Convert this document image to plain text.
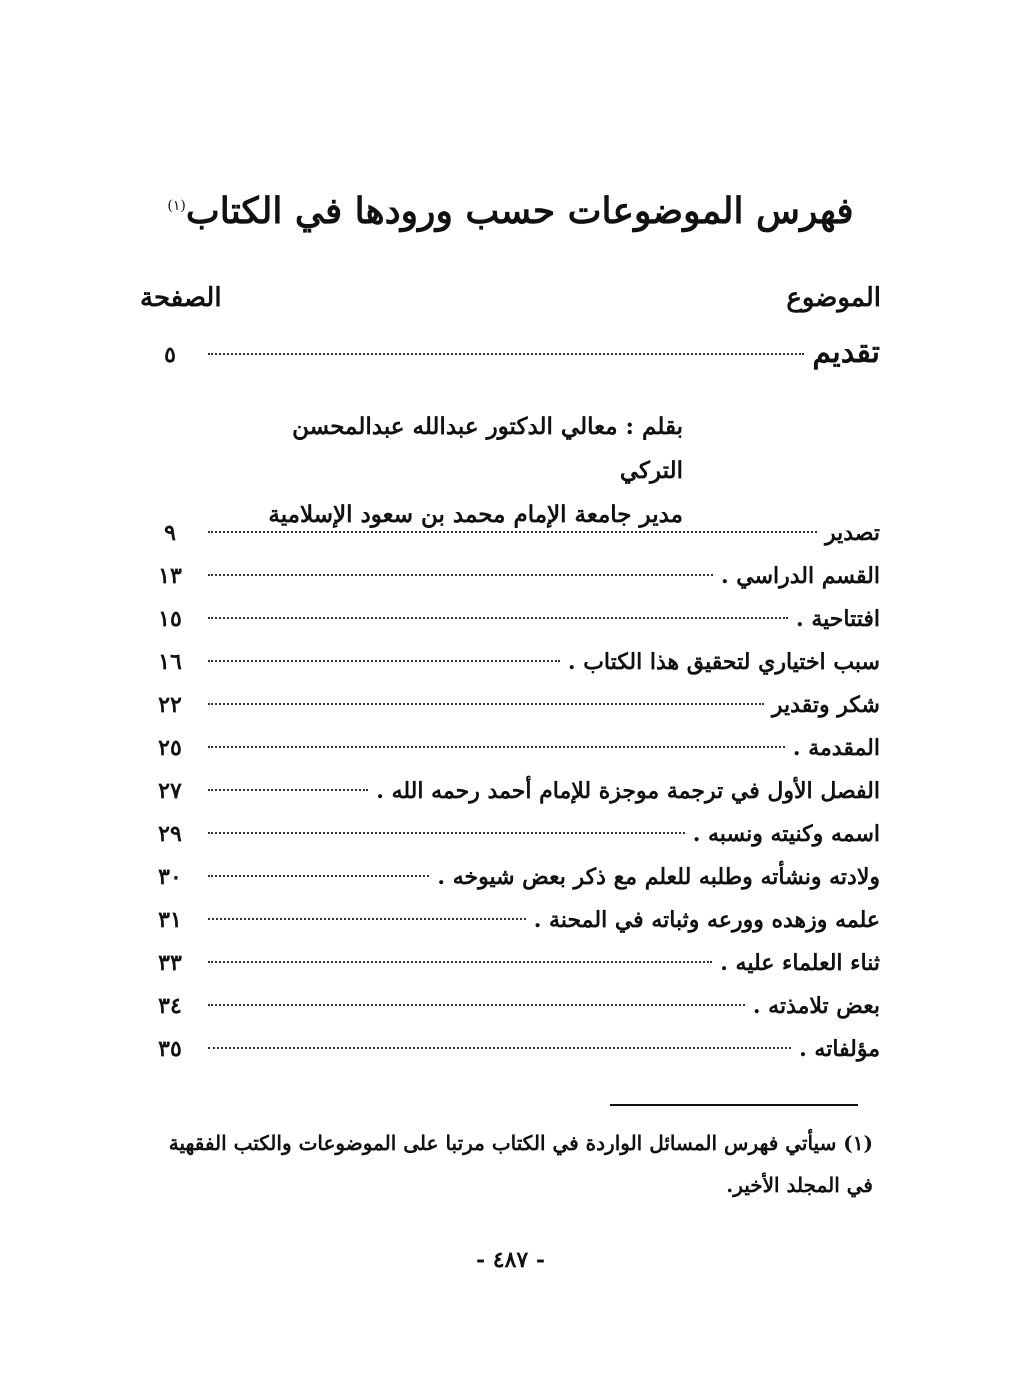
فهرس الموضوعات حسب ورودها في الكتاب$^{(١)}$
الموضوع
الصفحة
تقديم
٥
بقلم : معالي الدكتور عبدالله عبدالمحسن التركي
مدير جامعة الإمام محمد بن سعود الإسلامية
تصدير
٩
القسم الدراسي .
١٣
افتتاحية .
١٥
سبب اختياري لتحقيق هذا الكتاب .
١٦
شكر وتقدير
٢٢
المقدمة .
٢٥
الفصل الأول في ترجمة موجزة للإمام أحمد رحمه الله .
٢٧
اسمه وكنيته ونسبه .
٢٩
ولادته ونشأته وطلبه للعلم مع ذكر بعض شيوخه .
٣٠
علمه وزهده وورعه وثباته في المحنة .
٣١
ثناء العلماء عليه .
٣٣
بعض تلامذته .
٣٤
مؤلفاته .
٣٥
(١) سيأتي فهرس المسائل الواردة في الكتاب مرتبا على الموضوعات والكتب الفقهية في المجلد الأخير.
- ٤٨٧ -
